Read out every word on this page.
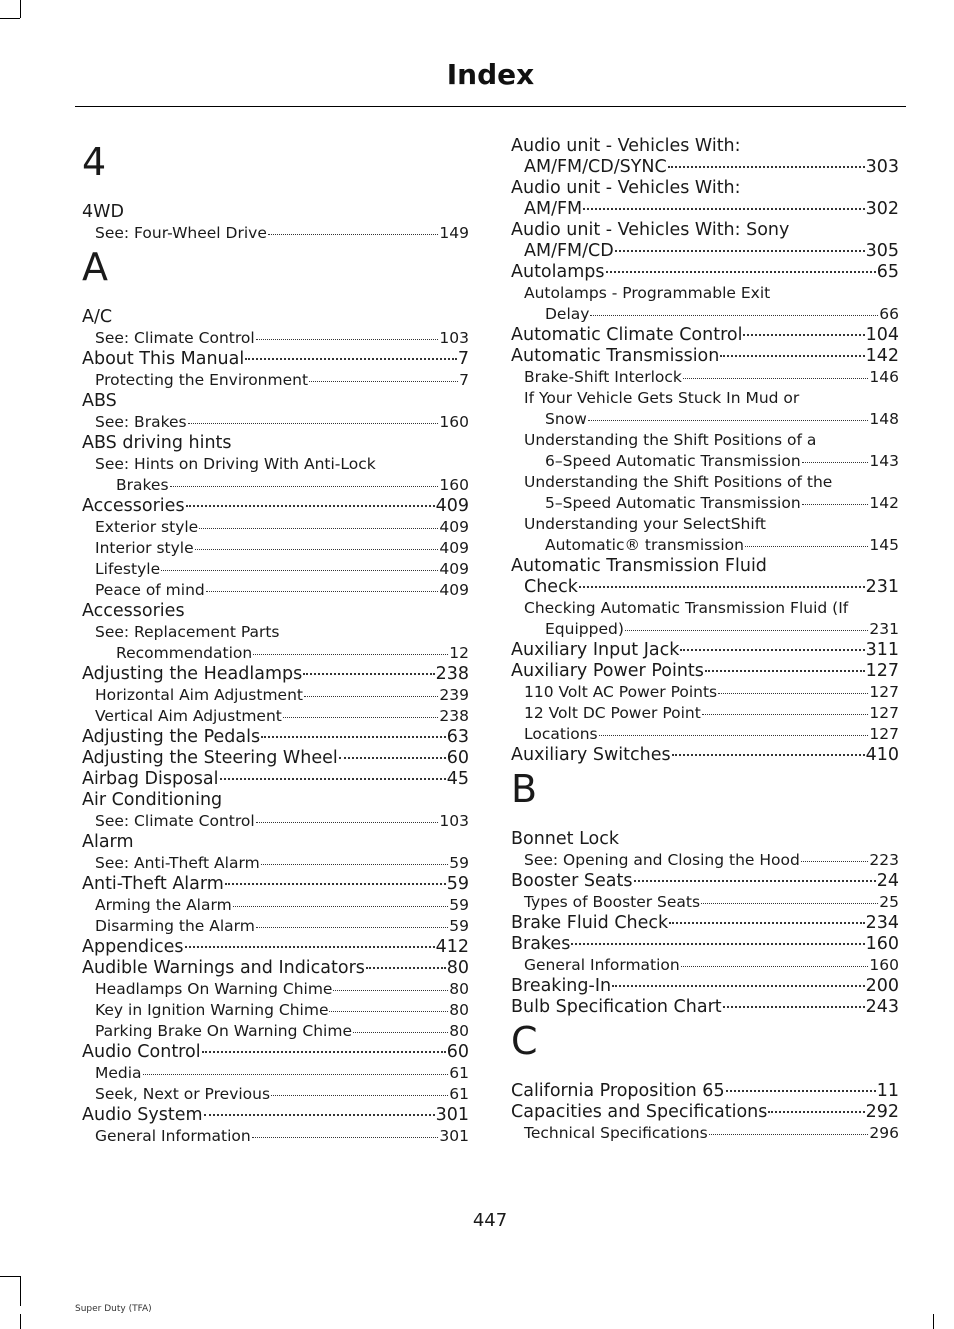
Index
4
4WD
See: Four-Wheel Drive	149
A
A/C
See: Climate Control	103
About This Manual	7
Protecting the Environment	7
ABS
See: Brakes	160
ABS driving hints
See: Hints on Driving With Anti-Lock
Brakes	160
Accessories	409
Exterior style	409
Interior style	409
Lifestyle	409
Peace of mind	409
Accessories
See: Replacement Parts
Recommendation	12
Adjusting the Headlamps	238
Horizontal Aim Adjustment	239
Vertical Aim Adjustment	238
Adjusting the Pedals	63
Adjusting the Steering Wheel	60
Airbag Disposal	45
Air Conditioning
See: Climate Control	103
Alarm
See: Anti-Theft Alarm	59
Anti-Theft Alarm	59
Arming the Alarm	59
Disarming the Alarm	59
Appendices	412
Audible Warnings and Indicators	80
Headlamps On Warning Chime	80
Key in Ignition Warning Chime	80
Parking Brake On Warning Chime	80
Audio Control	60
Media	61
Seek, Next or Previous	61
Audio System	301
General Information	301
Audio unit - Vehicles With:
AM/FM/CD/SYNC	303
Audio unit - Vehicles With:
AM/FM	302
Audio unit - Vehicles With: Sony
AM/FM/CD	305
Autolamps	65
Autolamps - Programmable Exit
Delay	66
Automatic Climate Control	104
Automatic Transmission	142
Brake-Shift Interlock	146
If Your Vehicle Gets Stuck In Mud or
Snow	148
Understanding the Shift Positions of a
6–Speed Automatic Transmission	143
Understanding the Shift Positions of the
5–Speed Automatic Transmission	142
Understanding your SelectShift
Automatic® transmission	145
Automatic Transmission Fluid
Check	231
Checking Automatic Transmission Fluid (If
Equipped)	231
Auxiliary Input Jack	311
Auxiliary Power Points	127
110 Volt AC Power Points	127
12 Volt DC Power Point	127
Locations	127
Auxiliary Switches	410
B
Bonnet Lock
See: Opening and Closing the Hood	223
Booster Seats	24
Types of Booster Seats	25
Brake Fluid Check	234
Brakes	160
General Information	160
Breaking-In	200
Bulb Specification Chart	243
C
California Proposition 65	11
Capacities and Specifications	292
Technical Specifications	296
447
Super Duty (TFA)
